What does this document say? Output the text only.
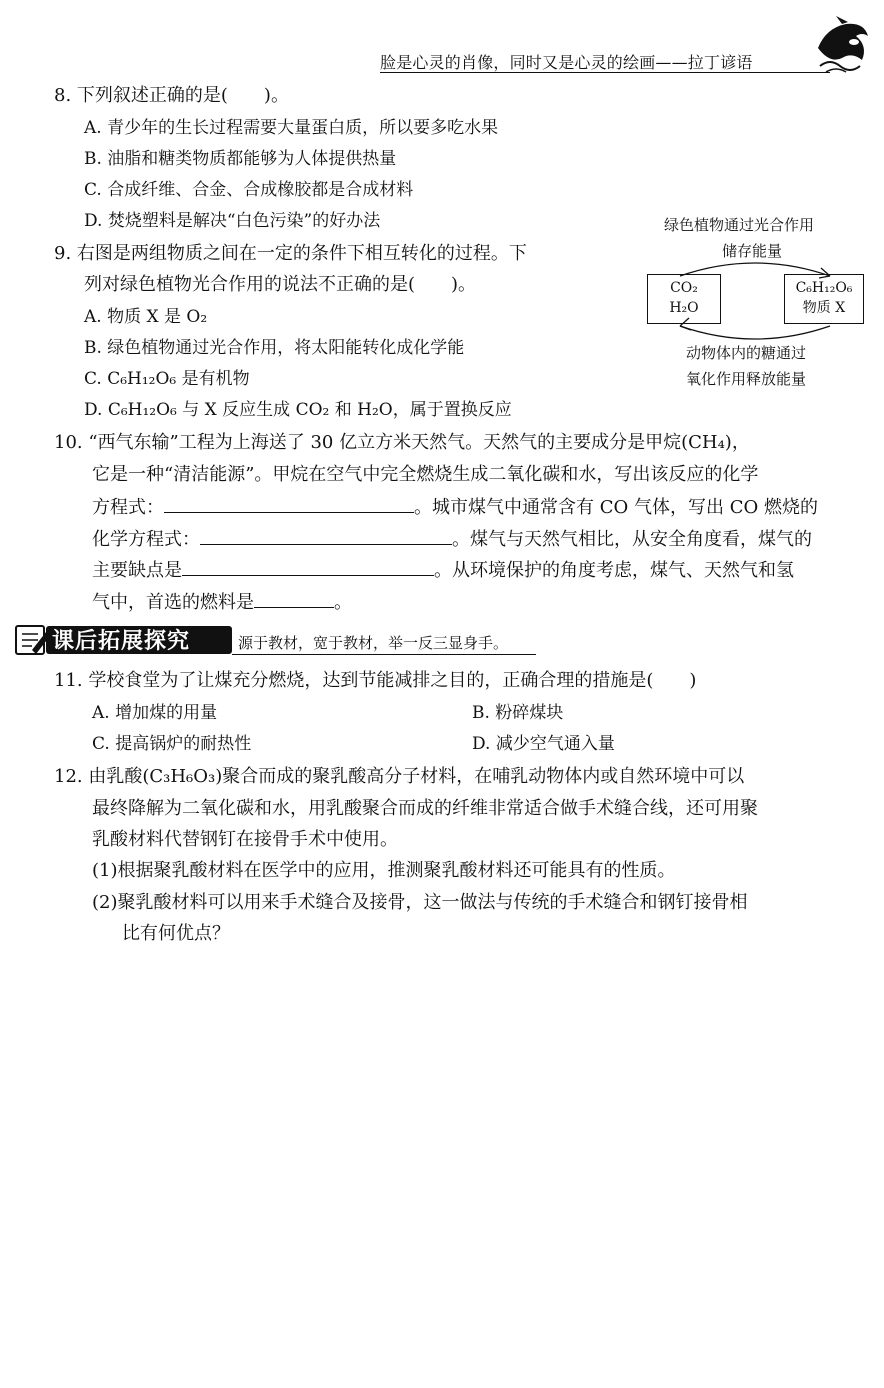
脸是心灵的肖像，同时又是心灵的绘画——拉丁谚语
8. 下列叙述正确的是(　　)。
A. 青少年的生长过程需要大量蛋白质，所以要多吃水果
B. 油脂和糖类物质都能够为人体提供热量
C. 合成纤维、合金、合成橡胶都是合成材料
D. 焚烧塑料是解决“白色污染”的好办法
9. 右图是两组物质之间在一定的条件下相互转化的过程。下
列对绿色植物光合作用的说法不正确的是(　　)。
A. 物质 X 是 O₂
B. 绿色植物通过光合作用，将太阳能转化成化学能
C. C₆H₁₂O₆ 是有机物
D. C₆H₁₂O₆ 与 X 反应生成 CO₂ 和 H₂O，属于置换反应
绿色植物通过光合作用
储存能量
CO₂
H₂O
C₆H₁₂O₆
物质 X
动物体内的糖通过
氧化作用释放能量
10. “西气东输”工程为上海送了 30 亿立方米天然气。天然气的主要成分是甲烷(CH₄)，
它是一种“清洁能源”。甲烷在空气中完全燃烧生成二氧化碳和水，写出该反应的化学
方程式：	。城市煤气中通常含有 CO 气体，写出 CO 燃烧的
化学方程式：	。煤气与天然气相比，从安全角度看，煤气的
主要缺点是	。从环境保护的角度考虑，煤气、天然气和氢
气中，首选的燃料是	。
课后拓展探究	源于教材，宽于教材，举一反三显身手。
11. 学校食堂为了让煤充分燃烧，达到节能减排之目的，正确合理的措施是(　　)
A. 增加煤的用量	B. 粉碎煤块
C. 提高锅炉的耐热性	D. 减少空气通入量
12. 由乳酸(C₃H₆O₃)聚合而成的聚乳酸高分子材料，在哺乳动物体内或自然环境中可以
最终降解为二氧化碳和水，用乳酸聚合而成的纤维非常适合做手术缝合线，还可用聚
乳酸材料代替钢钉在接骨手术中使用。
(1)根据聚乳酸材料在医学中的应用，推测聚乳酸材料还可能具有的性质。
(2)聚乳酸材料可以用来手术缝合及接骨，这一做法与传统的手术缝合和钢钉接骨相
比有何优点？
